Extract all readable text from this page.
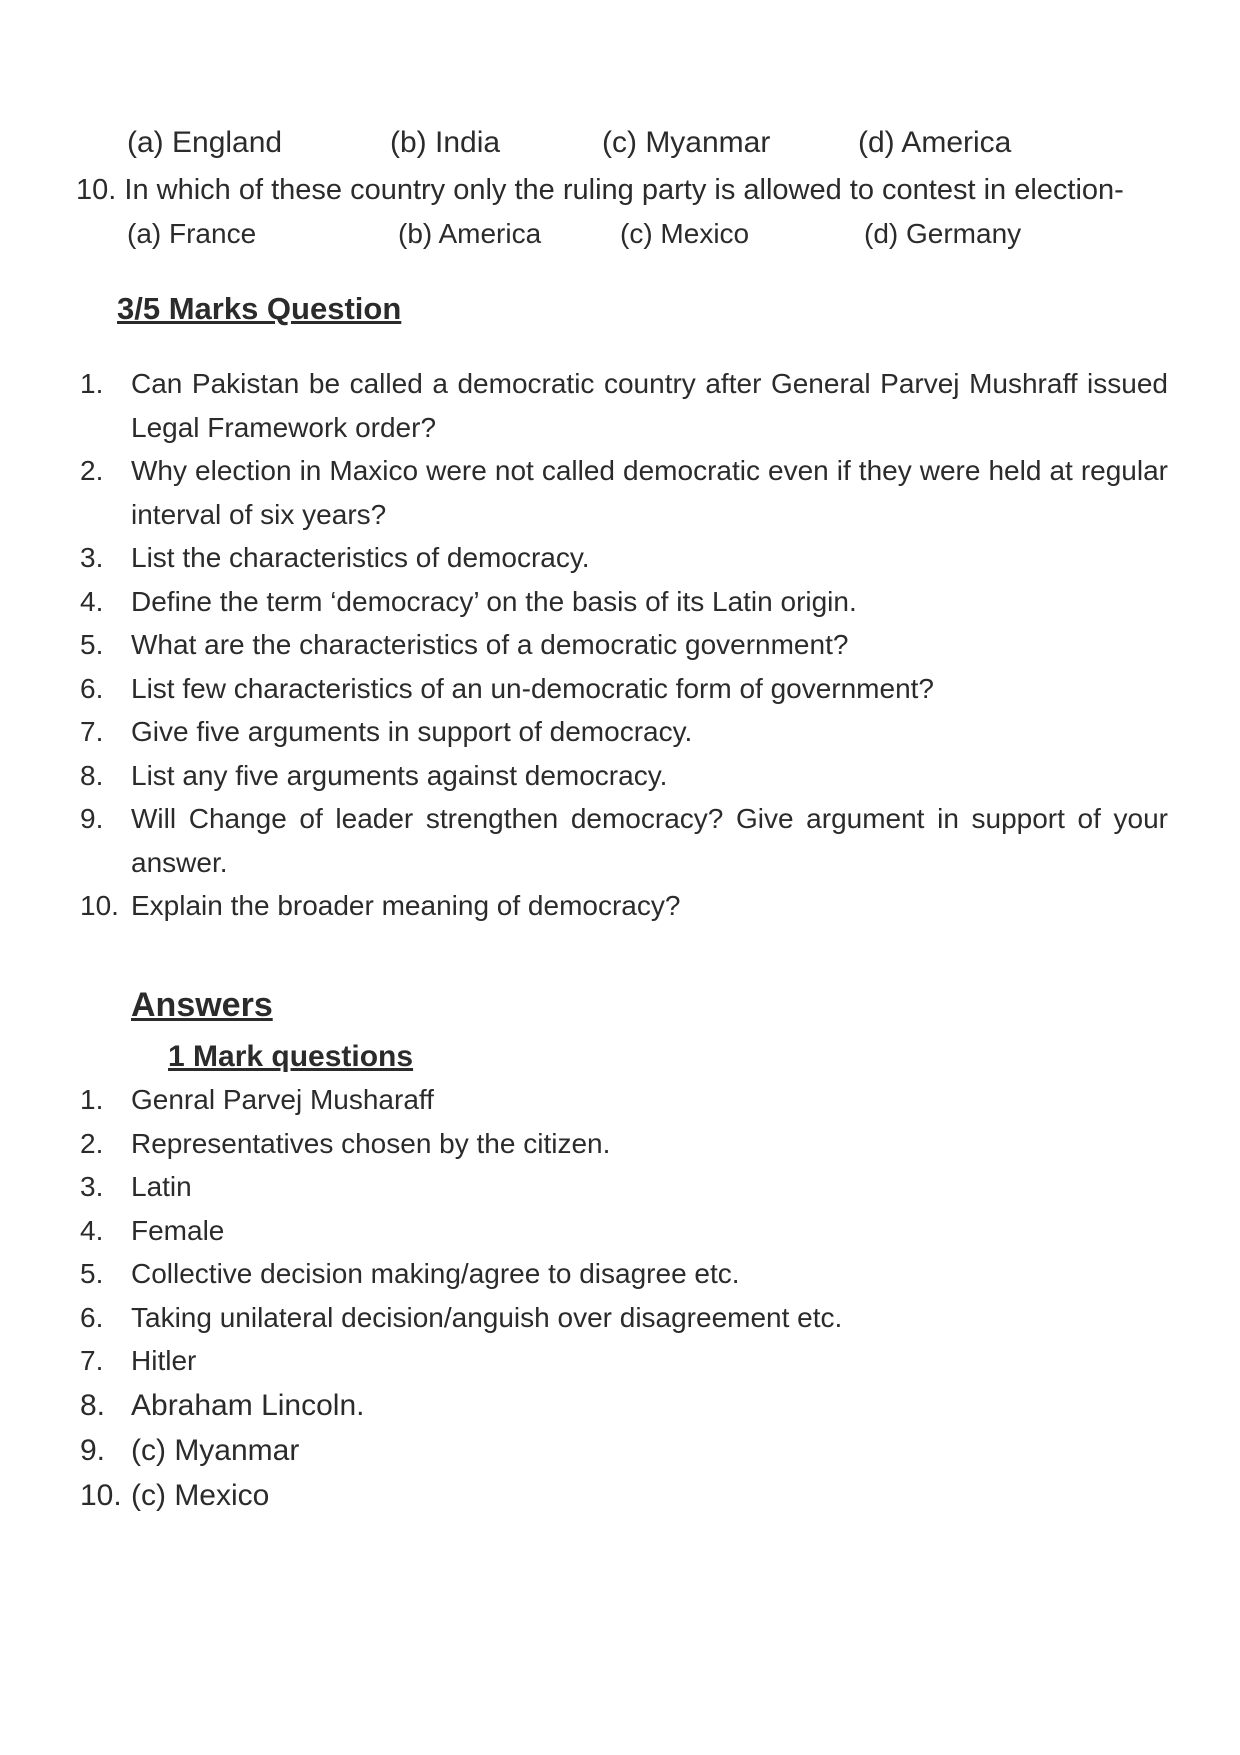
(a) England	(b) India	(c) Myanmar	(d) America
10. In which of these country only the ruling party is allowed to contest in election-
(a) France	(b) America	(c) Mexico	(d) Germany
3/5 Marks Question
1. Can Pakistan be called a democratic country after General Parvej Mushraff issued Legal Framework order?
2. Why election in Maxico were not called democratic even if they were held at regular interval of six years?
3. List the characteristics of democracy.
4. Define the term ‘democracy’ on the basis of its Latin origin.
5. What are the characteristics of a democratic government?
6. List few characteristics of an un-democratic form of government?
7. Give five arguments in support of democracy.
8. List any five arguments against democracy.
9. Will Change of leader strengthen democracy? Give argument in support of your answer.
10. Explain the broader meaning of democracy?
Answers
1 Mark questions
1. Genral Parvej Musharaff
2. Representatives chosen by the citizen.
3. Latin
4. Female
5. Collective decision making/agree to disagree etc.
6. Taking unilateral decision/anguish over disagreement etc.
7. Hitler
8. Abraham Lincoln.
9. (c) Myanmar
10. (c) Mexico
